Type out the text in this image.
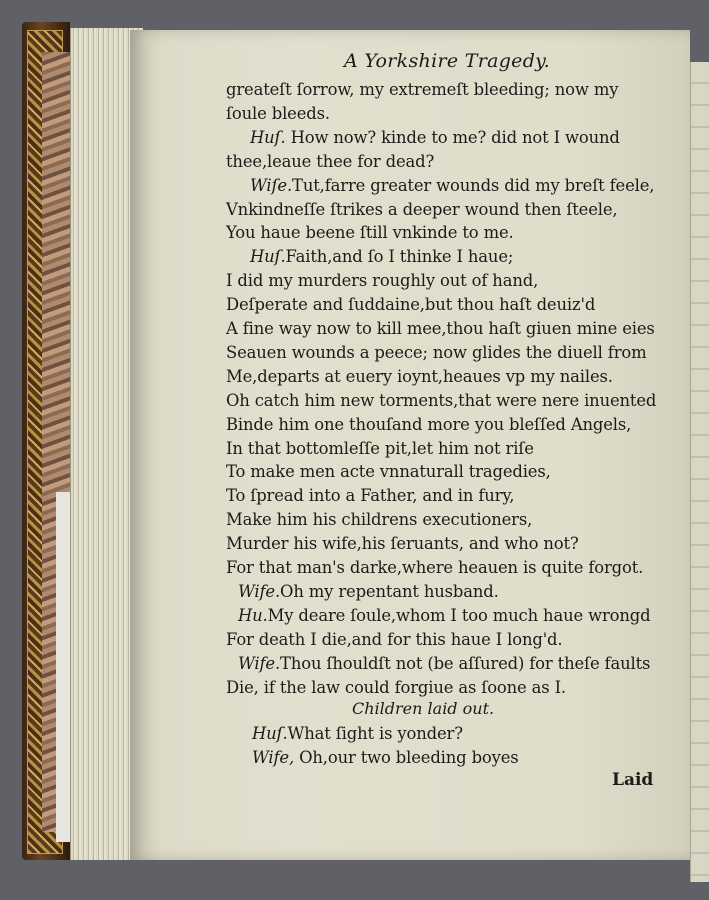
A Yorkshire Tragedy.
greateſt ſorrow, my extremeſt bleeding; now my
ſoule bleeds.
Huſ. How now? kinde to me? did not I wound
thee,leaue thee for dead?
Wiſe.Tut,farre greater wounds did my breſt feele,
Vnkindneſſe ſtrikes a deeper wound then ſteele,
You haue beene ſtill vnkinde to me.
Huſ.Faith,and ſo I thinke I haue;
I did my murders roughly out of hand,
Deſperate and ſuddaine,but thou haſt deuiz'd
A fine way now to kill mee,thou haſt giuen mine eies
Seauen wounds a peece; now glides the diuell from
Me,departs at euery ioynt,heaues vp my nailes.
Oh catch him new torments,that were nere inuented
Binde him one thouſand more you bleſſed Angels,
In that bottomleſſe pit,let him not riſe
To make men acte vnnaturall tragedies,
To ſpread into a Father, and in fury,
Make him his childrens executioners,
Murder his wife,his ſeruants, and who not?
For that man's darke,where heauen is quite forgot.
Wife.Oh my repentant husband.
Hu.My deare ſoule,whom I too much haue wrongd
For death I die,and for this haue I long'd.
Wife.Thou ſhouldſt not (be aſſured) for theſe faults
Die, if the law could forgiue as ſoone as I.
Children laid out.
Huſ.What ſight is yonder?
Wife, Oh,our two bleeding boyes
Laid
